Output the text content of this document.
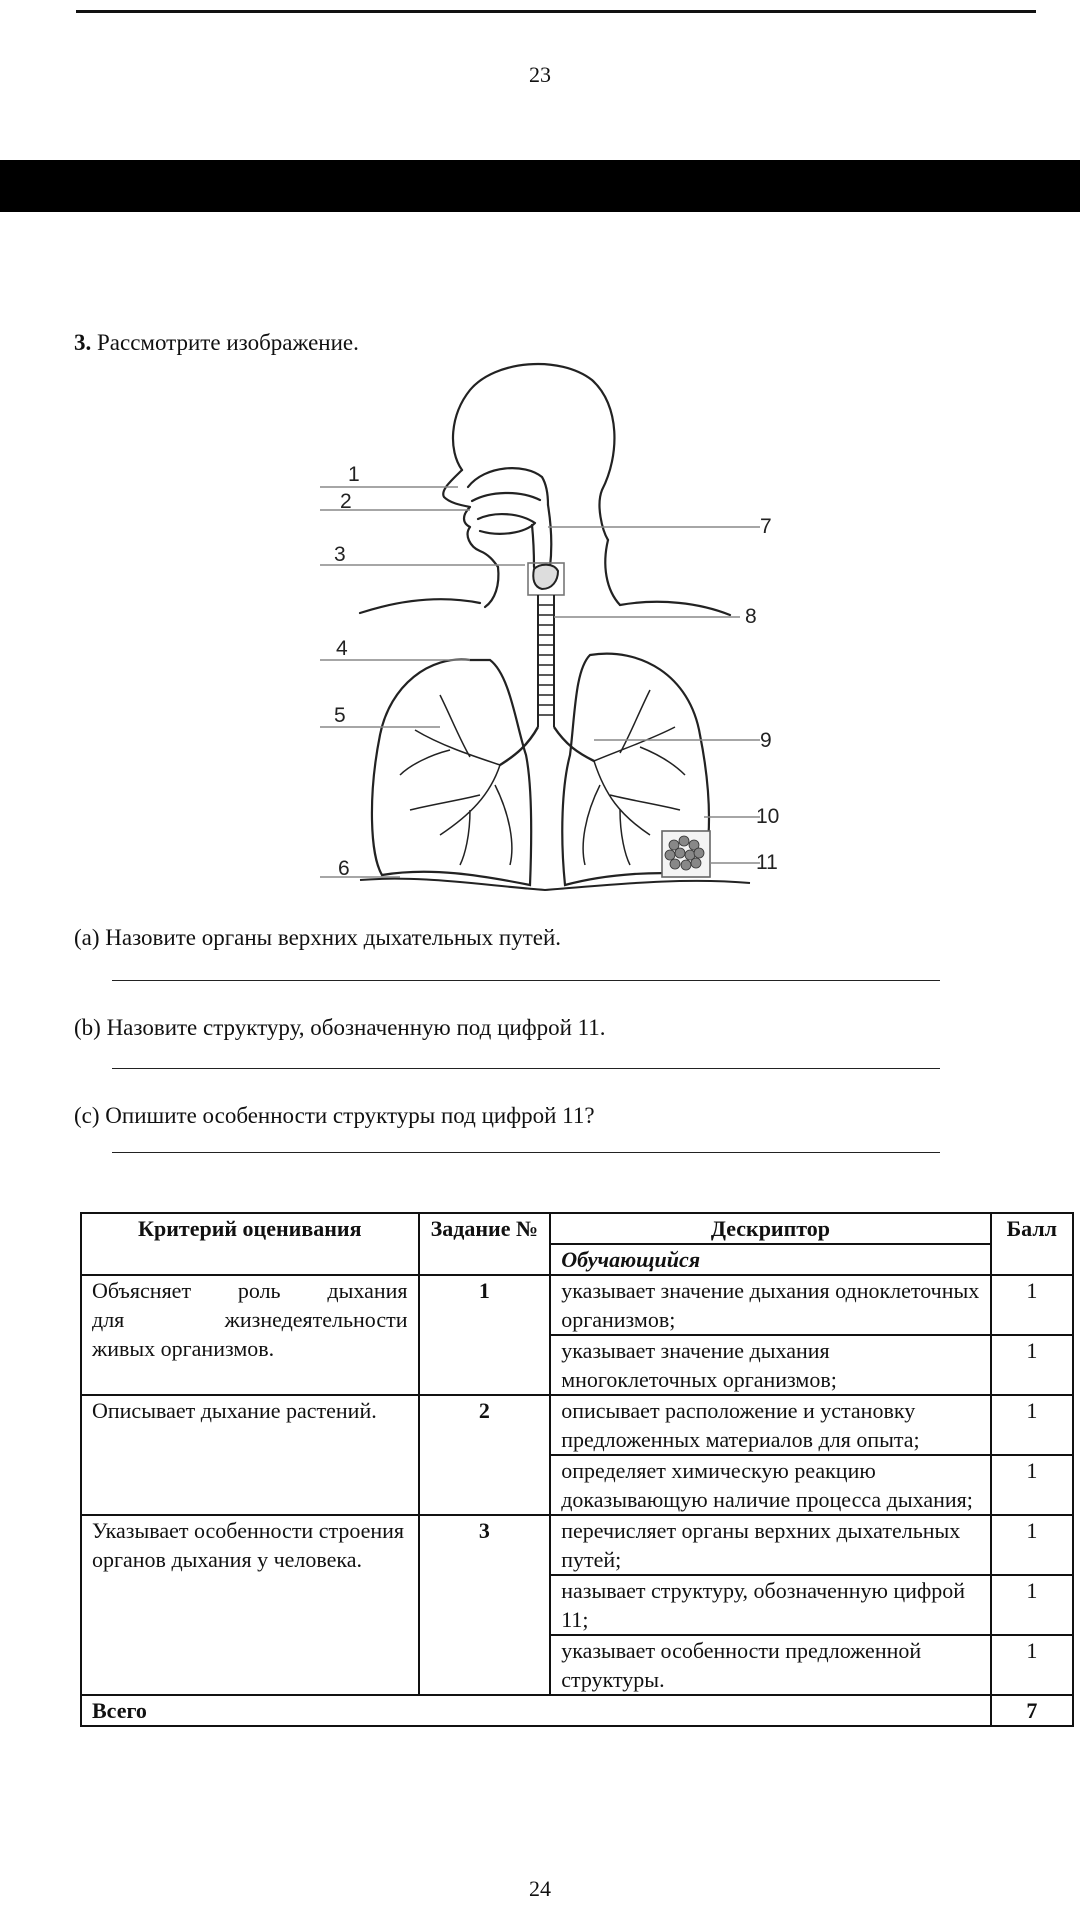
23
3. Рассмотрите изображение.
1
2
3
4
5
6
7
8
9
10
11
(a) Назовите органы верхних дыхательных путей.
(b) Назовите структуру, обозначенную под цифрой 11.
(c) Опишите особенности структуры под цифрой 11?
Критерий оценивания	Задание №	Дескриптор	Балл
		Обучающийся	

Объясняет роль дыхания
для жизнедеятельности
живых организмов.	1	указывает значение дыхания одноклеточных организмов;	1
		указывает значение дыхания многоклеточных организмов;	1
Описывает дыхание растений.	2	описывает расположение и установку предложенных материалов для опыта;	1
		определяет химическую реакцию доказывающую наличие процесса дыхания;	1
Указывает особенности строения органов дыхания у человека.	3	перечисляет органы верхних дыхательных путей;	1
		называет структуру, обозначенную цифрой 11;	1
		указывает особенности предложенной структуры.	1
Всего			7
24
